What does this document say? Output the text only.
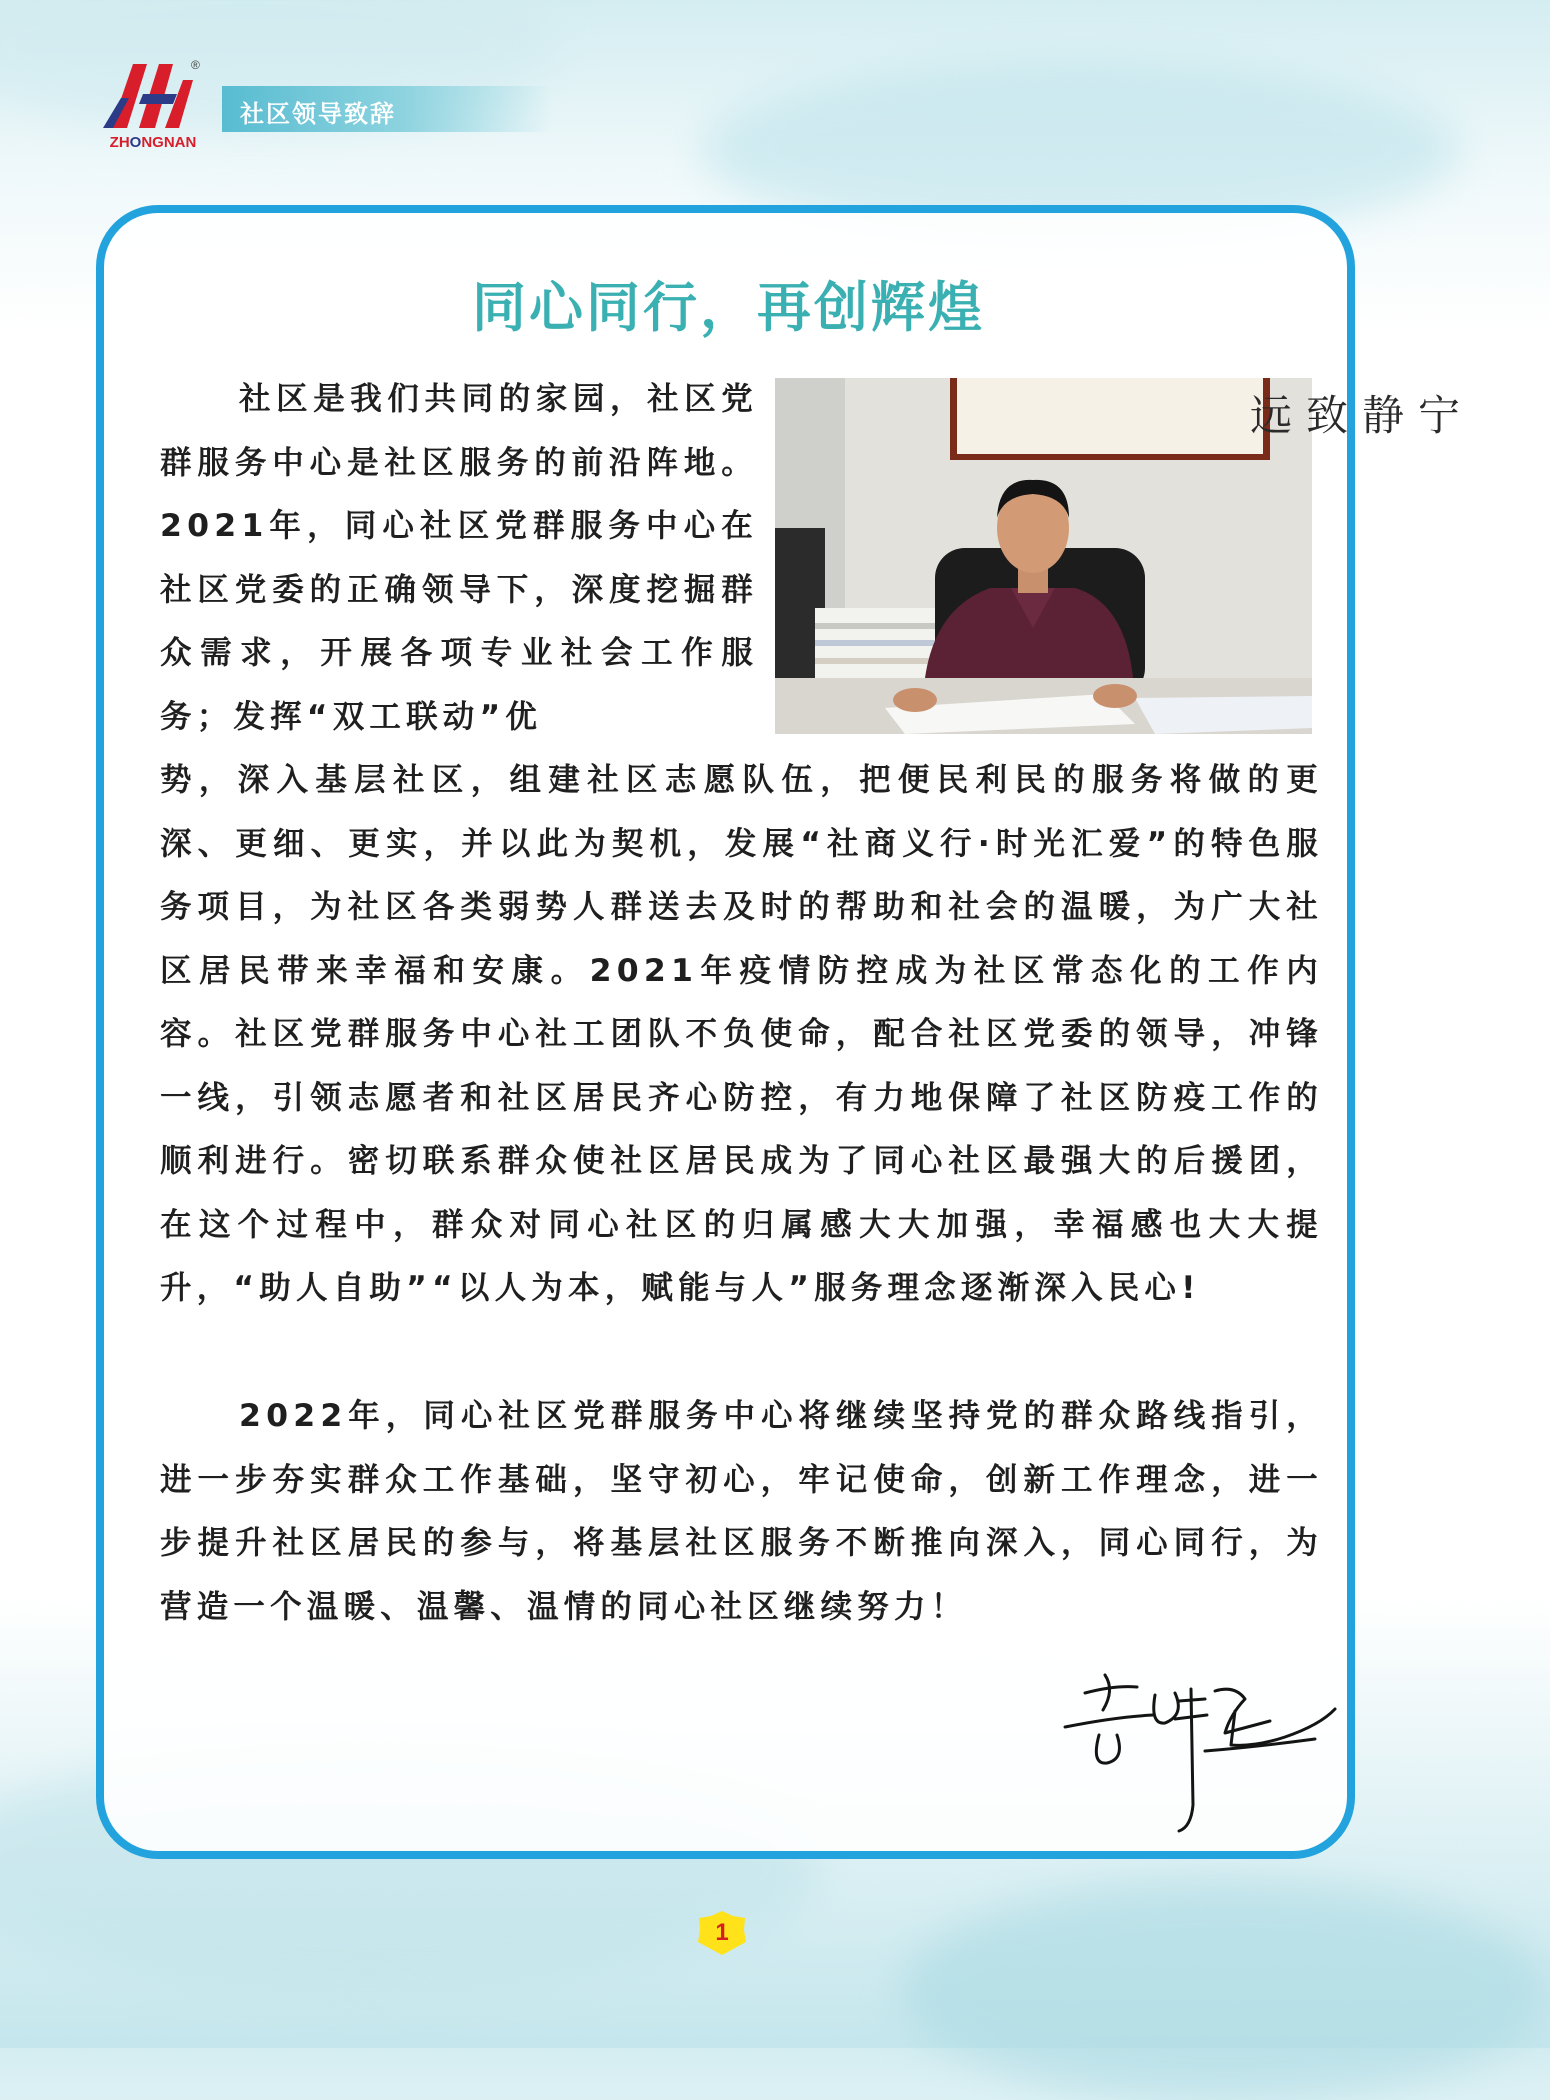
®
ZHONGNAN
社区领导致辞
同心同行，再创辉煌
宁静致远
社区是我们共同的家园，社区党群服务中心是社区服务的前沿阵地。2021年，同心社区党群服务中心在社区党委的正确领导下，深度挖掘群众需求，开展各项专业社会工作服务；发挥“双工联动”优
势，深入基层社区，组建社区志愿队伍，把便民利民的服务将做的更深、更细、更实，并以此为契机，发展“社商义行·时光汇爱”的特色服务项目，为社区各类弱势人群送去及时的帮助和社会的温暖，为广大社区居民带来幸福和安康。2021年疫情防控成为社区常态化的工作内容。社区党群服务中心社工团队不负使命，配合社区党委的领导，冲锋一线，引领志愿者和社区居民齐心防控，有力地保障了社区防疫工作的顺利进行。密切联系群众使社区居民成为了同心社区最强大的后援团，在这个过程中，群众对同心社区的归属感大大加强，幸福感也大大提升，“助人自助”“以人为本，赋能与人”服务理念逐渐深入民心!
2022年，同心社区党群服务中心将继续坚持党的群众路线指引，进一步夯实群众工作基础，坚守初心，牢记使命，创新工作理念，进一步提升社区居民的参与，将基层社区服务不断推向深入，同心同行，为营造一个温暖、温馨、温情的同心社区继续努力！
1
